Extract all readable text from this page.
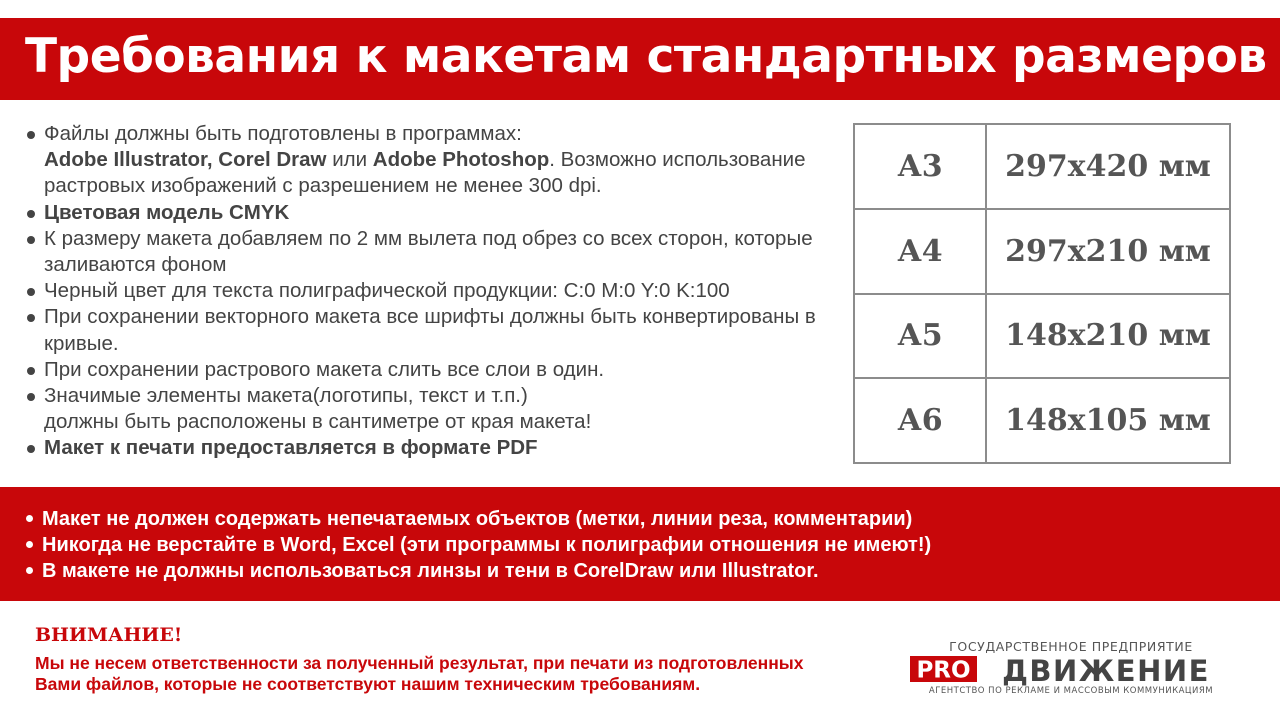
Требования к макетам стандартных размеров
Файлы должны быть подготовлены в программах:
Adobe Illustrator, Corel Draw или Adobe Photoshop. Возможно использование растровых изображений с разрешением не менее 300 dpi.
Цветовая модель CMYK
К размеру макета добавляем по 2 мм вылета под обрез со всех сторон, которые заливаются фоном
Черный цвет для текста полиграфической продукции: C:0 M:0 Y:0 K:100
При сохранении векторного макета все шрифты должны быть конвертированы в кривые.
При сохранении растрового макета слить все слои в один.
Значимые элементы макета(логотипы, текст и т.п.)
должны быть расположены в сантиметре от края макета!
Макет к печати предоставляется в формате PDF
А3	297х420 мм
А4	297х210 мм
А5	148х210 мм
А6	148х105 мм
Макет не должен содержать непечатаемых объектов (метки, линии реза, комментарии)
Никогда не верстайте в Word, Excel (эти программы к полиграфии отношения не имеют!)
В макете не должны использоваться линзы и тени в CorelDraw или Illustrator.
ВНИМАНИЕ!
Мы не несем ответственности за полученный результат, при печати из подготовленных
Вами файлов, которые не соответствуют нашим техническим требованиям.
ГОСУДАРСТВЕННОЕ ПРЕДПРИЯТИЕ
PRO ДВИЖЕНИЕ
АГЕНТСТВО ПО РЕКЛАМЕ И МАССОВЫМ КОММУНИКАЦИЯМ
